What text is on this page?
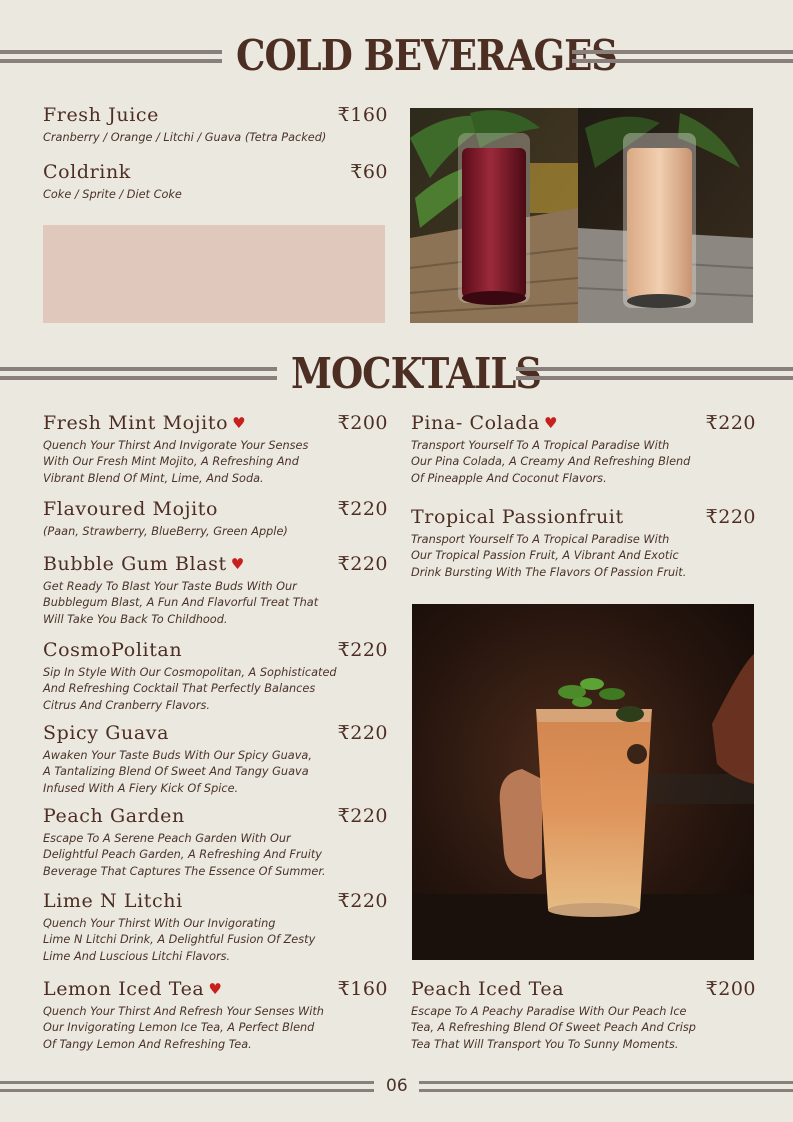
COLD BEVERAGES
Fresh Juice	₹160
Cranberry / Orange / Litchi / Guava (Tetra Packed)
Coldrink	₹60
Coke / Sprite / Diet Coke
MOCKTAILS
Fresh Mint Mojito ♥	₹200
Quench Your Thirst And Invigorate Your Senses
With Our Fresh Mint Mojito, A Refreshing And
Vibrant Blend Of Mint, Lime, And Soda.
Flavoured Mojito	₹220
(Paan, Strawberry, BlueBerry, Green Apple)
Bubble Gum Blast ♥	₹220
Get Ready To Blast Your Taste Buds With Our
Bubblegum Blast, A Fun And Flavorful Treat That
Will Take You Back To Childhood.
CosmoPolitan	₹220
Sip In Style With Our Cosmopolitan, A Sophisticated
And Refreshing Cocktail That Perfectly Balances
Citrus And Cranberry Flavors.
Spicy Guava	₹220
Awaken Your Taste Buds With Our Spicy Guava,
A Tantalizing Blend Of Sweet And Tangy Guava
Infused With A Fiery Kick Of Spice.
Peach Garden	₹220
Escape To A Serene Peach Garden With Our
Delightful Peach Garden, A Refreshing And Fruity
Beverage That Captures The Essence Of Summer.
Lime N Litchi	₹220
Quench Your Thirst With Our Invigorating
Lime N Litchi Drink, A Delightful Fusion Of Zesty
Lime And Luscious Litchi Flavors.
Lemon Iced Tea ♥	₹160
Quench Your Thirst And Refresh Your Senses With
Our Invigorating Lemon Ice Tea, A Perfect Blend
Of Tangy Lemon And Refreshing Tea.
Pina- Colada ♥	₹220
Transport Yourself To A Tropical Paradise With
Our Pina Colada, A Creamy And Refreshing Blend
Of Pineapple And Coconut Flavors.
Tropical Passionfruit	₹220
Transport Yourself To A Tropical Paradise With
Our Tropical Passion Fruit, A Vibrant And Exotic
Drink Bursting With The Flavors Of Passion Fruit.
Peach Iced Tea	₹200
Escape To A Peachy Paradise With Our Peach Ice
Tea, A Refreshing Blend Of Sweet Peach And Crisp
Tea That Will Transport You To Sunny Moments.
06
